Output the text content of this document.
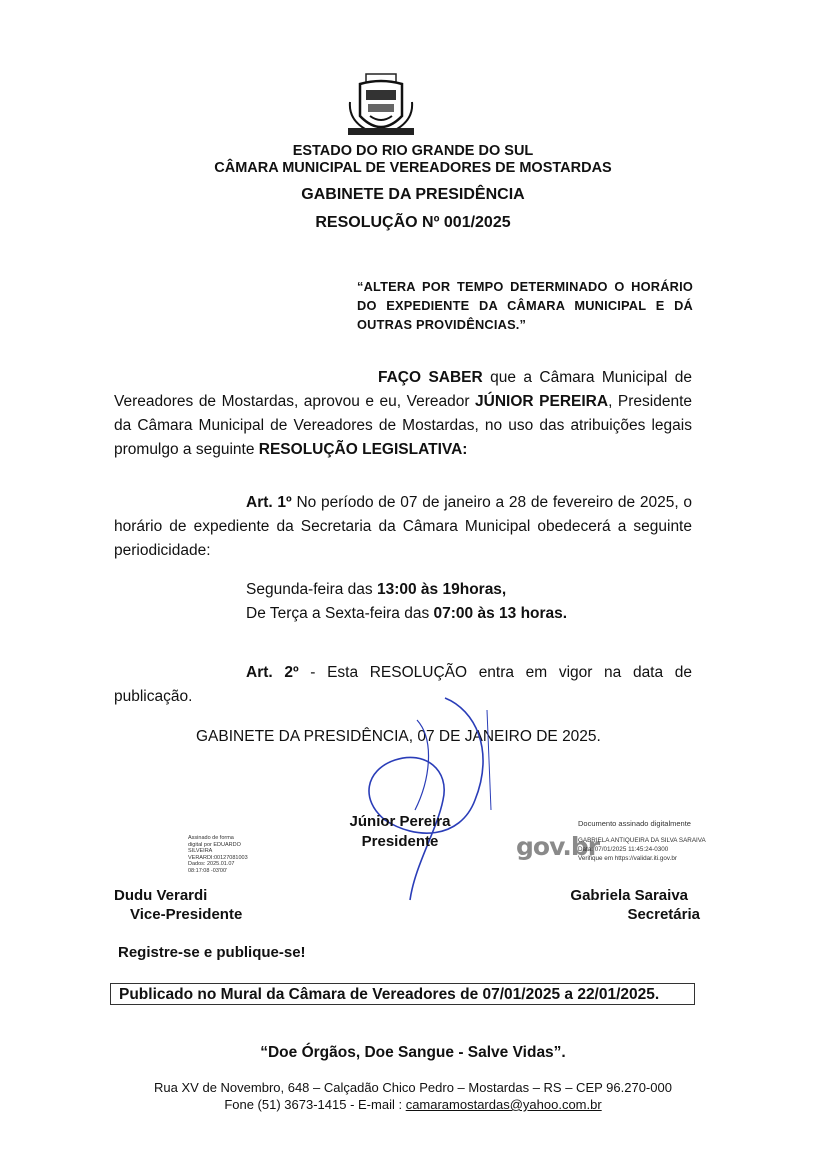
ESTADO DO RIO GRANDE DO SUL
CÂMARA MUNICIPAL DE VEREADORES DE MOSTARDAS
GABINETE DA PRESIDÊNCIA
RESOLUÇÃO Nº 001/2025
“ALTERA POR TEMPO DETERMINADO O HORÁRIO DO EXPEDIENTE DA CÂMARA MUNICIPAL E DÁ OUTRAS PROVIDÊNCIAS.”
FAÇO SABER que a Câmara Municipal de Vereadores de Mostardas, aprovou e eu, Vereador JÚNIOR PEREIRA, Presidente da Câmara Municipal de Vereadores de Mostardas, no uso das atribuições legais promulgo a seguinte RESOLUÇÃO LEGISLATIVA:
Art. 1º No período de 07 de janeiro a 28 de fevereiro de 2025, o horário de expediente da Secretaria da Câmara Municipal obedecerá a seguinte periodicidade:
Segunda-feira das 13:00 às 19horas,
De Terça a Sexta-feira das 07:00 às 13 horas.
Art. 2º - Esta RESOLUÇÃO entra em vigor na data de publicação.
GABINETE DA PRESIDÊNCIA, 07 DE JANEIRO DE 2025.
Júnior Pereira
Presidente
Assinado de forma
digital por EDUARDO
SILVEIRA
VERARDI:00127081003
Dados: 2025.01.07
08:17:08 -03'00'
Dudu Verardi
Vice-Presidente
gov.br
Documento assinado digitalmente
GABRIELA ANTIQUEIRA DA SILVA SARAIVA
Data: 07/01/2025 11:45:24-0300
Verifique em https://validar.iti.gov.br
Gabriela Saraiva
Secretária
Registre-se e publique-se!
Publicado no Mural da Câmara de Vereadores de 07/01/2025 a 22/01/2025.
“Doe Órgãos, Doe Sangue - Salve Vidas”.
Rua XV de Novembro, 648 – Calçadão Chico Pedro – Mostardas – RS – CEP 96.270-000
Fone (51) 3673-1415 - E-mail : camaramostardas@yahoo.com.br
